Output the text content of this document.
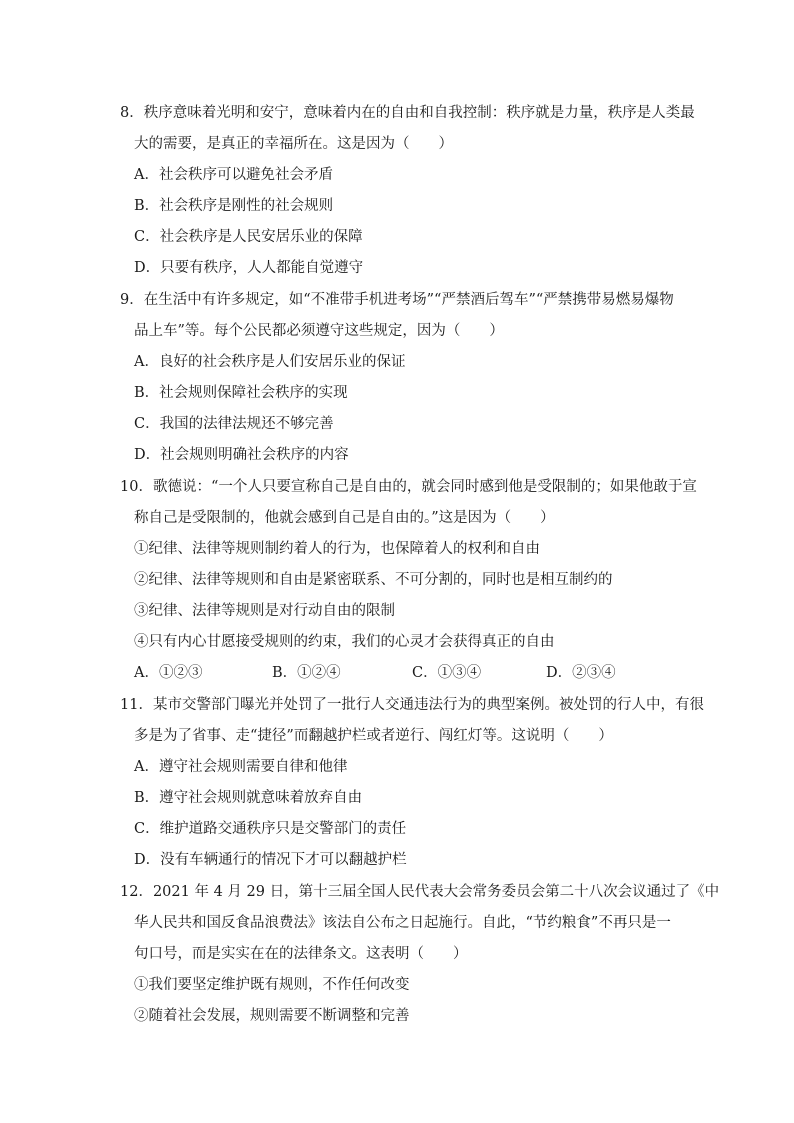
8．秩序意味着光明和安宁，意味着内在的自由和自我控制：秩序就是力量，秩序是人类最
大的需要，是真正的幸福所在。这是因为（　　）
A．社会秩序可以避免社会矛盾
B．社会秩序是刚性的社会规则
C．社会秩序是人民安居乐业的保障
D．只要有秩序，人人都能自觉遵守
9．在生活中有许多规定，如“不准带手机进考场”“严禁酒后驾车”“严禁携带易燃易爆物
品上车”等。每个公民都必须遵守这些规定，因为（　　）
A．良好的社会秩序是人们安居乐业的保证
B．社会规则保障社会秩序的实现
C．我国的法律法规还不够完善
D．社会规则明确社会秩序的内容
10．歌德说：“一个人只要宣称自己是自由的，就会同时感到他是受限制的；如果他敢于宣
称自己是受限制的，他就会感到自己是自由的。”这是因为（　　）
①纪律、法律等规则制约着人的行为，也保障着人的权利和自由
②纪律、法律等规则和自由是紧密联系、不可分割的，同时也是相互制约的
③纪律、法律等规则是对行动自由的限制
④只有内心甘愿接受规则的约束，我们的心灵才会获得真正的自由
A．①②③	B．①②④	C．①③④	D．②③④
11．某市交警部门曝光并处罚了一批行人交通违法行为的典型案例。被处罚的行人中，有很
多是为了省事、走“捷径”而翻越护栏或者逆行、闯红灯等。这说明（　　）
A．遵守社会规则需要自律和他律
B．遵守社会规则就意味着放弃自由
C．维护道路交通秩序只是交警部门的责任
D．没有车辆通行的情况下才可以翻越护栏
12．2021 年 4 月 29 日，第十三届全国人民代表大会常务委员会第二十八次会议通过了《中
华人民共和国反食品浪费法》该法自公布之日起施行。自此，“节约粮食”不再只是一
句口号，而是实实在在的法律条文。这表明（　　）
①我们要坚定维护既有规则，不作任何改变
②随着社会发展，规则需要不断调整和完善
